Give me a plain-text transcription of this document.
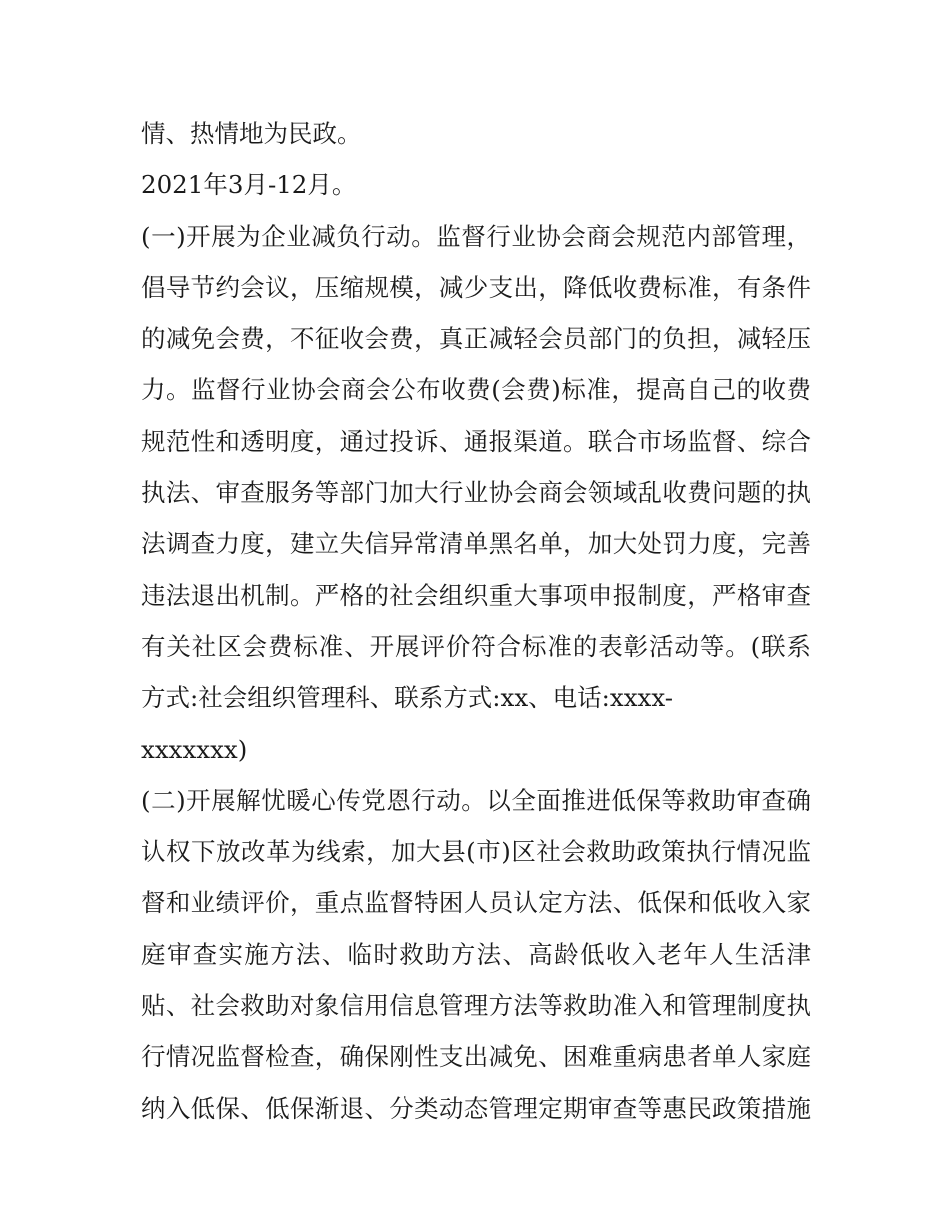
情、热情地为民政。
2021年3月-12月。
(一)开展为企业减负行动。监督行业协会商会规范内部管理，
倡导节约会议，压缩规模，减少支出，降低收费标准，有条件
的减免会费，不征收会费，真正减轻会员部门的负担，减轻压
力。监督行业协会商会公布收费(会费)标准，提高自己的收费
规范性和透明度，通过投诉、通报渠道。联合市场监督、综合
执法、审查服务等部门加大行业协会商会领域乱收费问题的执
法调查力度，建立失信异常清单黑名单，加大处罚力度，完善
违法退出机制。严格的社会组织重大事项申报制度，严格审查
有关社区会费标准、开展评价符合标准的表彰活动等。(联系
方式:社会组织管理科、联系方式:xx、电话:xxxx-
xxxxxxx)
(二)开展解忧暖心传党恩行动。以全面推进低保等救助审查确
认权下放改革为线索，加大县(市)区社会救助政策执行情况监
督和业绩评价，重点监督特困人员认定方法、低保和低收入家
庭审查实施方法、临时救助方法、高龄低收入老年人生活津
贴、社会救助对象信用信息管理方法等救助准入和管理制度执
行情况监督检查，确保刚性支出减免、困难重病患者单人家庭
纳入低保、低保渐退、分类动态管理定期审查等惠民政策措施
